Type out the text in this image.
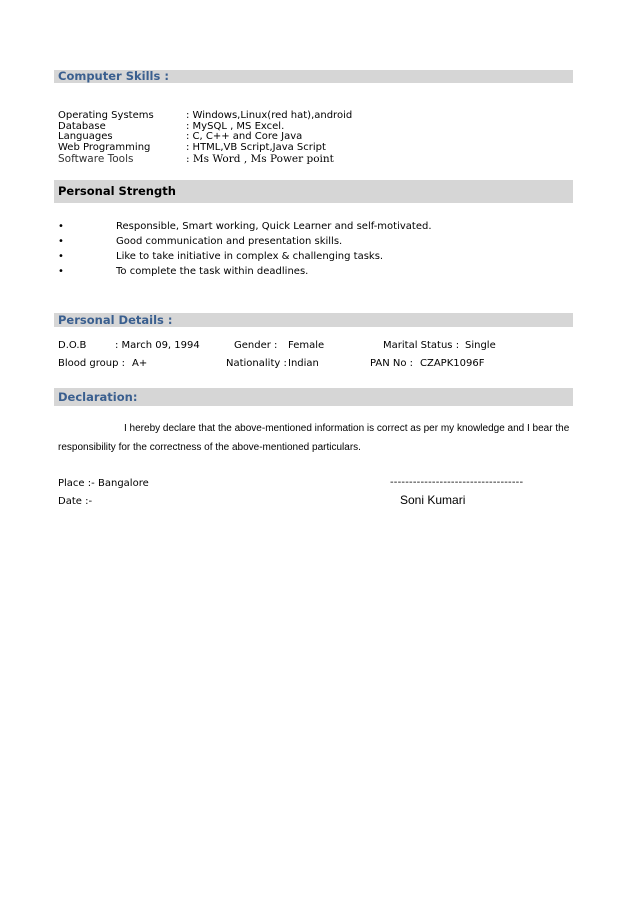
Computer Skills :
Operating Systems	: Windows,Linux(red hat),android
Database	: MySQL , MS Excel.
Languages	: C, C++ and Core Java
Web Programming	: HTML,VB Script,Java Script
Software Tools	: Ms Word , Ms Power point
Personal Strength
•	Responsible, Smart working, Quick Learner and self-motivated.
•	Good communication and presentation skills.
•	Like to take initiative in complex & challenging tasks.
•	To complete the task within deadlines.
Personal Details :
D.O.B	: March 09, 1994	Gender : Female	Marital Status : Single
Blood group : A+	Nationality : Indian	PAN No : CZAPK1096F
Declaration:
I hereby declare that the above-mentioned information is correct as per my knowledge and I bear the
responsibility for the correctness of the above-mentioned particulars.
Place :- Bangalore	-----------------------------------
Date :-	Soni Kumari
